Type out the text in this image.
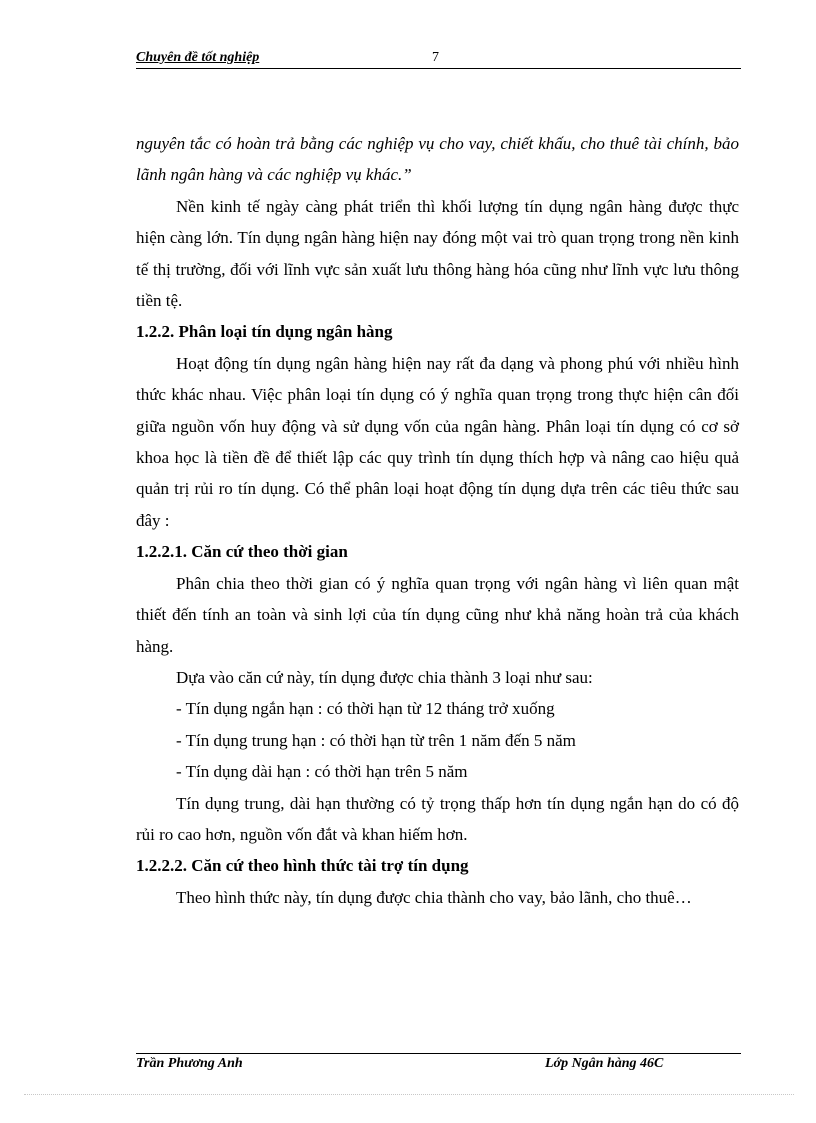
Chuyên đề tốt nghiệp	7

nguyên tắc có hoàn trả bằng các nghiệp vụ cho vay, chiết khấu, cho thuê tài chính, bảo lãnh ngân hàng và các nghiệp vụ khác.”

Nền kinh tế ngày càng phát triển thì khối lượng tín dụng ngân hàng được thực hiện càng lớn. Tín dụng ngân hàng hiện nay đóng một vai trò quan trọng trong nền kinh tế thị trường, đối với lĩnh vực sản xuất lưu thông hàng hóa cũng như lĩnh vực lưu thông tiền tệ.

1.2.2. Phân loại tín dụng ngân hàng

Hoạt động tín dụng ngân hàng hiện nay rất đa dạng và phong phú với nhiều hình thức khác nhau. Việc phân loại tín dụng có ý nghĩa quan trọng trong thực hiện cân đối giữa nguồn vốn huy động và sử dụng vốn của ngân hàng. Phân loại tín dụng có cơ sở khoa học là tiền đề để thiết lập các quy trình tín dụng thích hợp và nâng cao hiệu quả quản trị rủi ro tín dụng. Có thể phân loại hoạt động tín dụng dựa trên các tiêu thức sau đây :

1.2.2.1. Căn cứ theo thời gian

Phân chia theo thời gian có ý nghĩa quan trọng với ngân hàng vì liên quan mật thiết đến tính an toàn và sinh lợi của tín dụng cũng như khả năng hoàn trả của khách hàng.

Dựa vào căn cứ này, tín dụng được chia thành 3 loại như sau:

- Tín dụng ngắn hạn : có thời hạn từ 12 tháng trở xuống

- Tín dụng trung hạn : có thời hạn từ trên 1 năm đến 5 năm

- Tín dụng dài hạn : có thời hạn trên 5 năm

Tín dụng trung, dài hạn thường có tỷ trọng thấp hơn tín dụng ngắn hạn do có độ rủi ro cao hơn, nguồn vốn đắt và khan hiếm hơn.

1.2.2.2. Căn cứ theo hình thức tài trợ tín dụng

Theo hình thức này, tín dụng được chia thành cho vay, bảo lãnh, cho thuê…

Trần Phương Anh	Lớp Ngân hàng 46C
